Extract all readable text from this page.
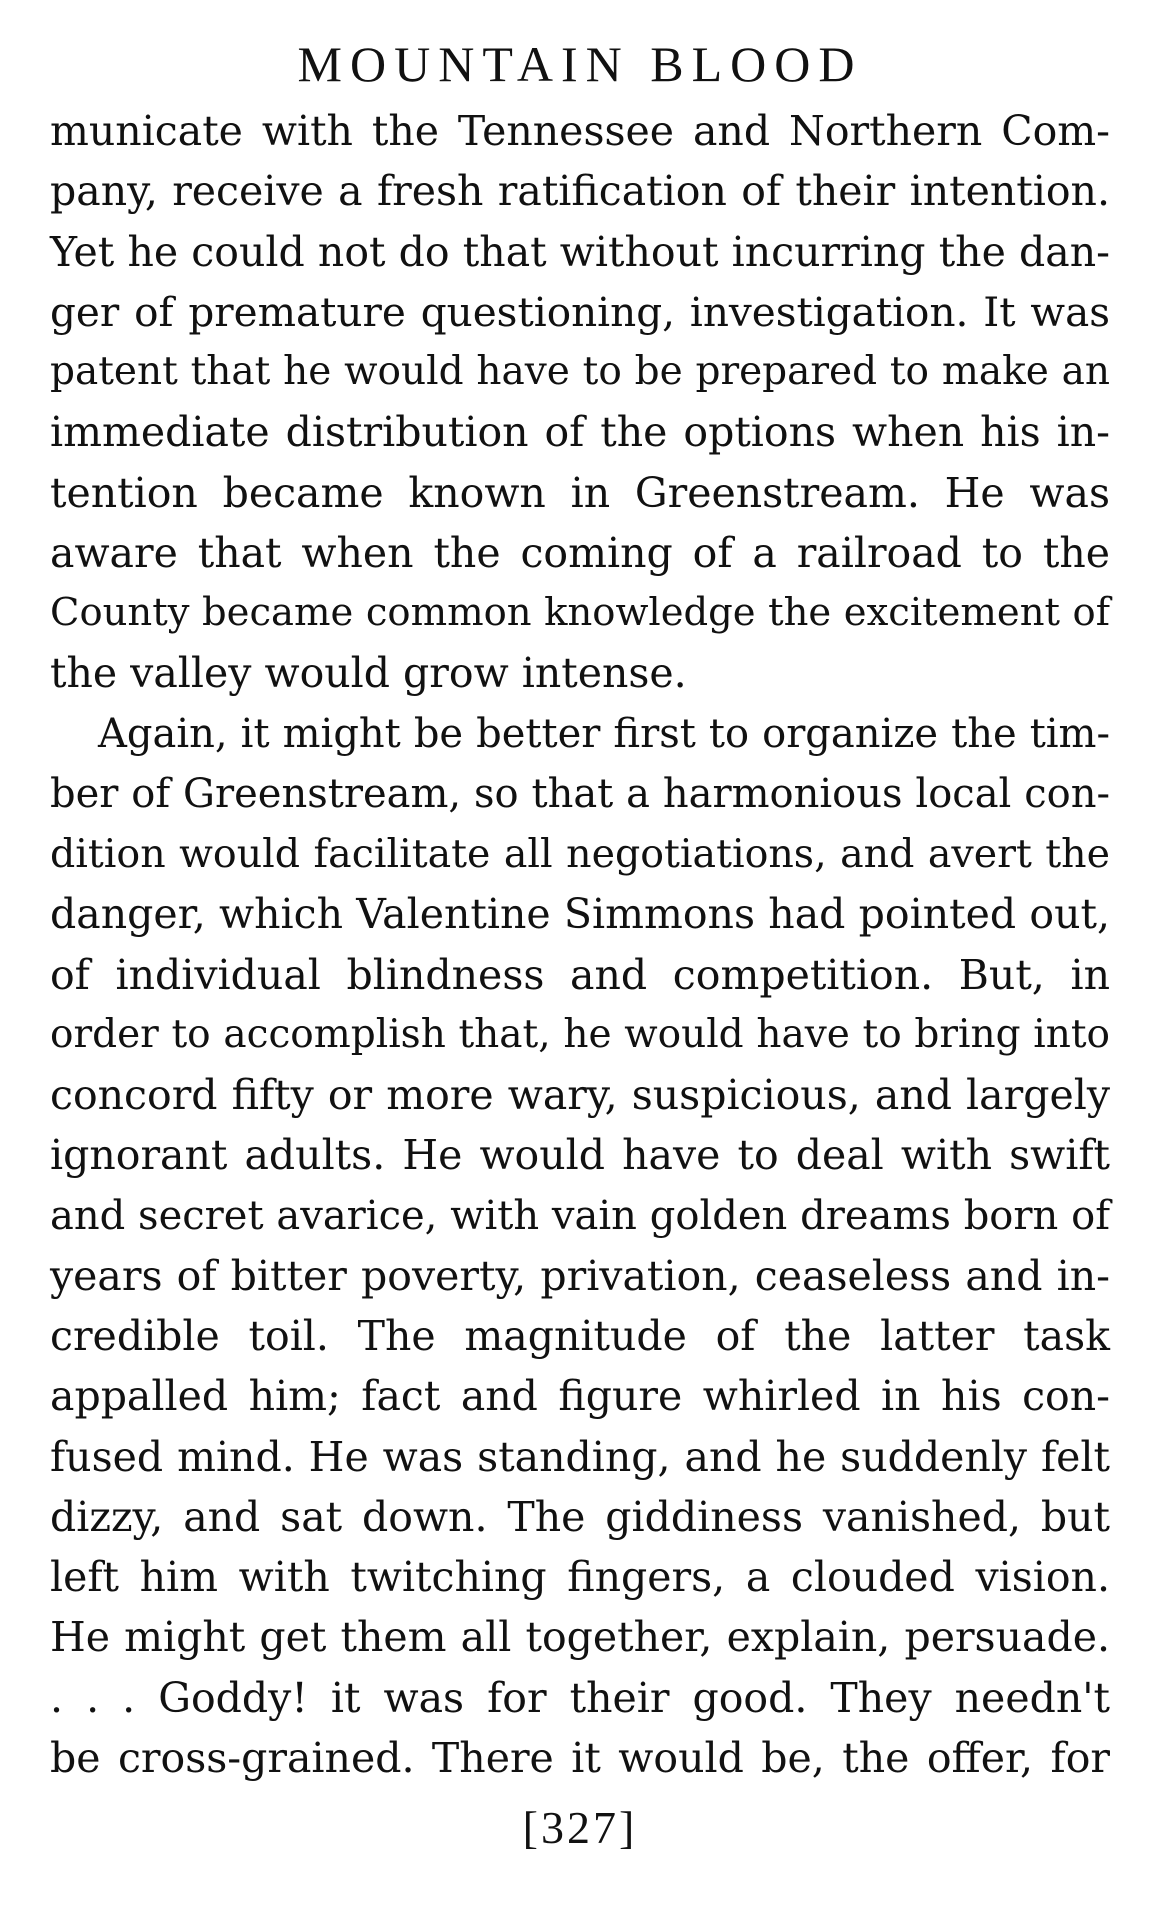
MOUNTAIN BLOOD
municate with the Tennessee and Northern Com-
pany, receive a fresh ratification of their intention.
Yet he could not do that without incurring the dan-
ger of premature questioning, investigation. It was
patent that he would have to be prepared to make an
immediate distribution of the options when his in-
tention became known in Greenstream. He was
aware that when the coming of a railroad to the
County became common knowledge the excitement of
the valley would grow intense.
Again, it might be better first to organize the tim-
ber of Greenstream, so that a harmonious local con-
dition would facilitate all negotiations, and avert the
danger, which Valentine Simmons had pointed out,
of individual blindness and competition. But, in
order to accomplish that, he would have to bring into
concord fifty or more wary, suspicious, and largely
ignorant adults. He would have to deal with swift
and secret avarice, with vain golden dreams born of
years of bitter poverty, privation, ceaseless and in-
credible toil. The magnitude of the latter task
appalled him; fact and figure whirled in his con-
fused mind. He was standing, and he suddenly felt
dizzy, and sat down. The giddiness vanished, but
left him with twitching fingers, a clouded vision.
He might get them all together, explain, persuade.
. . . Goddy! it was for their good. They needn't
be cross-grained. There it would be, the offer, for
[327]
